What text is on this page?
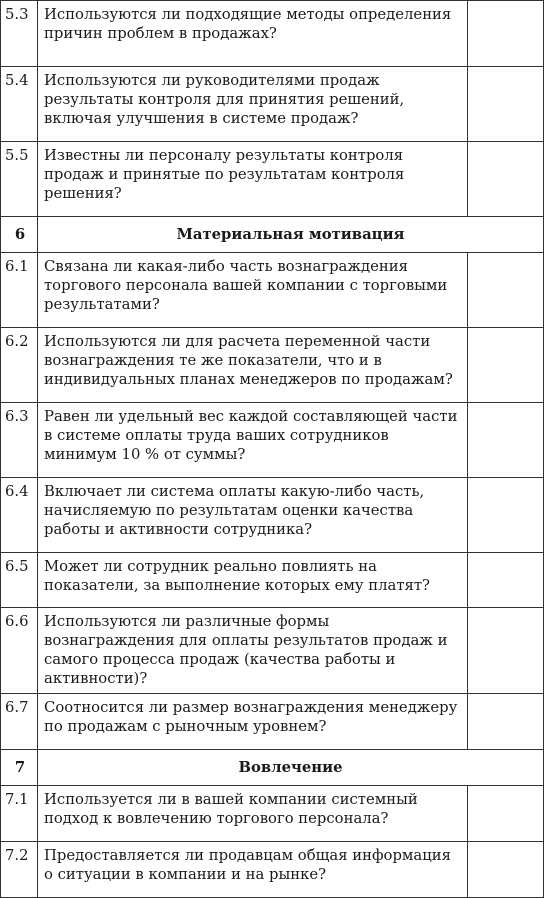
5.3	Используются ли подходящие методы определения причин проблем в продажах?	
5.4	Используются ли руководителями продаж результаты контроля для принятия решений, включая улучшения в системе продаж?	
5.5	Известны ли персоналу результаты контроля продаж и принятые по результатам контроля решения?	
6	Материальная мотивация	
6.1	Связана ли какая-либо часть вознаграждения торгового персонала вашей компании с торговыми результатами?	
6.2	Используются ли для расчета переменной части вознаграждения те же показатели, что и в индивидуальных планах менеджеров по продажам?	
6.3	Равен ли удельный вес каждой составляющей части в системе оплаты труда ваших сотрудников минимум 10 % от суммы?	
6.4	Включает ли система оплаты какую-либо часть, начисляемую по результатам оценки качества работы и активности сотрудника?	
6.5	Может ли сотрудник реально повлиять на показатели, за выполнение которых ему платят?	
6.6	Используются ли различные формы вознаграждения для оплаты результатов продаж и самого процесса продаж (качества работы и активности)?	
6.7	Соотносится ли размер вознаграждения менеджеру по продажам с рыночным уровнем?	
7	Вовлечение	
7.1	Используется ли в вашей компании системный подход к вовлечению торгового персонала?	
7.2	Предоставляется ли продавцам общая информация о ситуации в компании и на рынке?	
